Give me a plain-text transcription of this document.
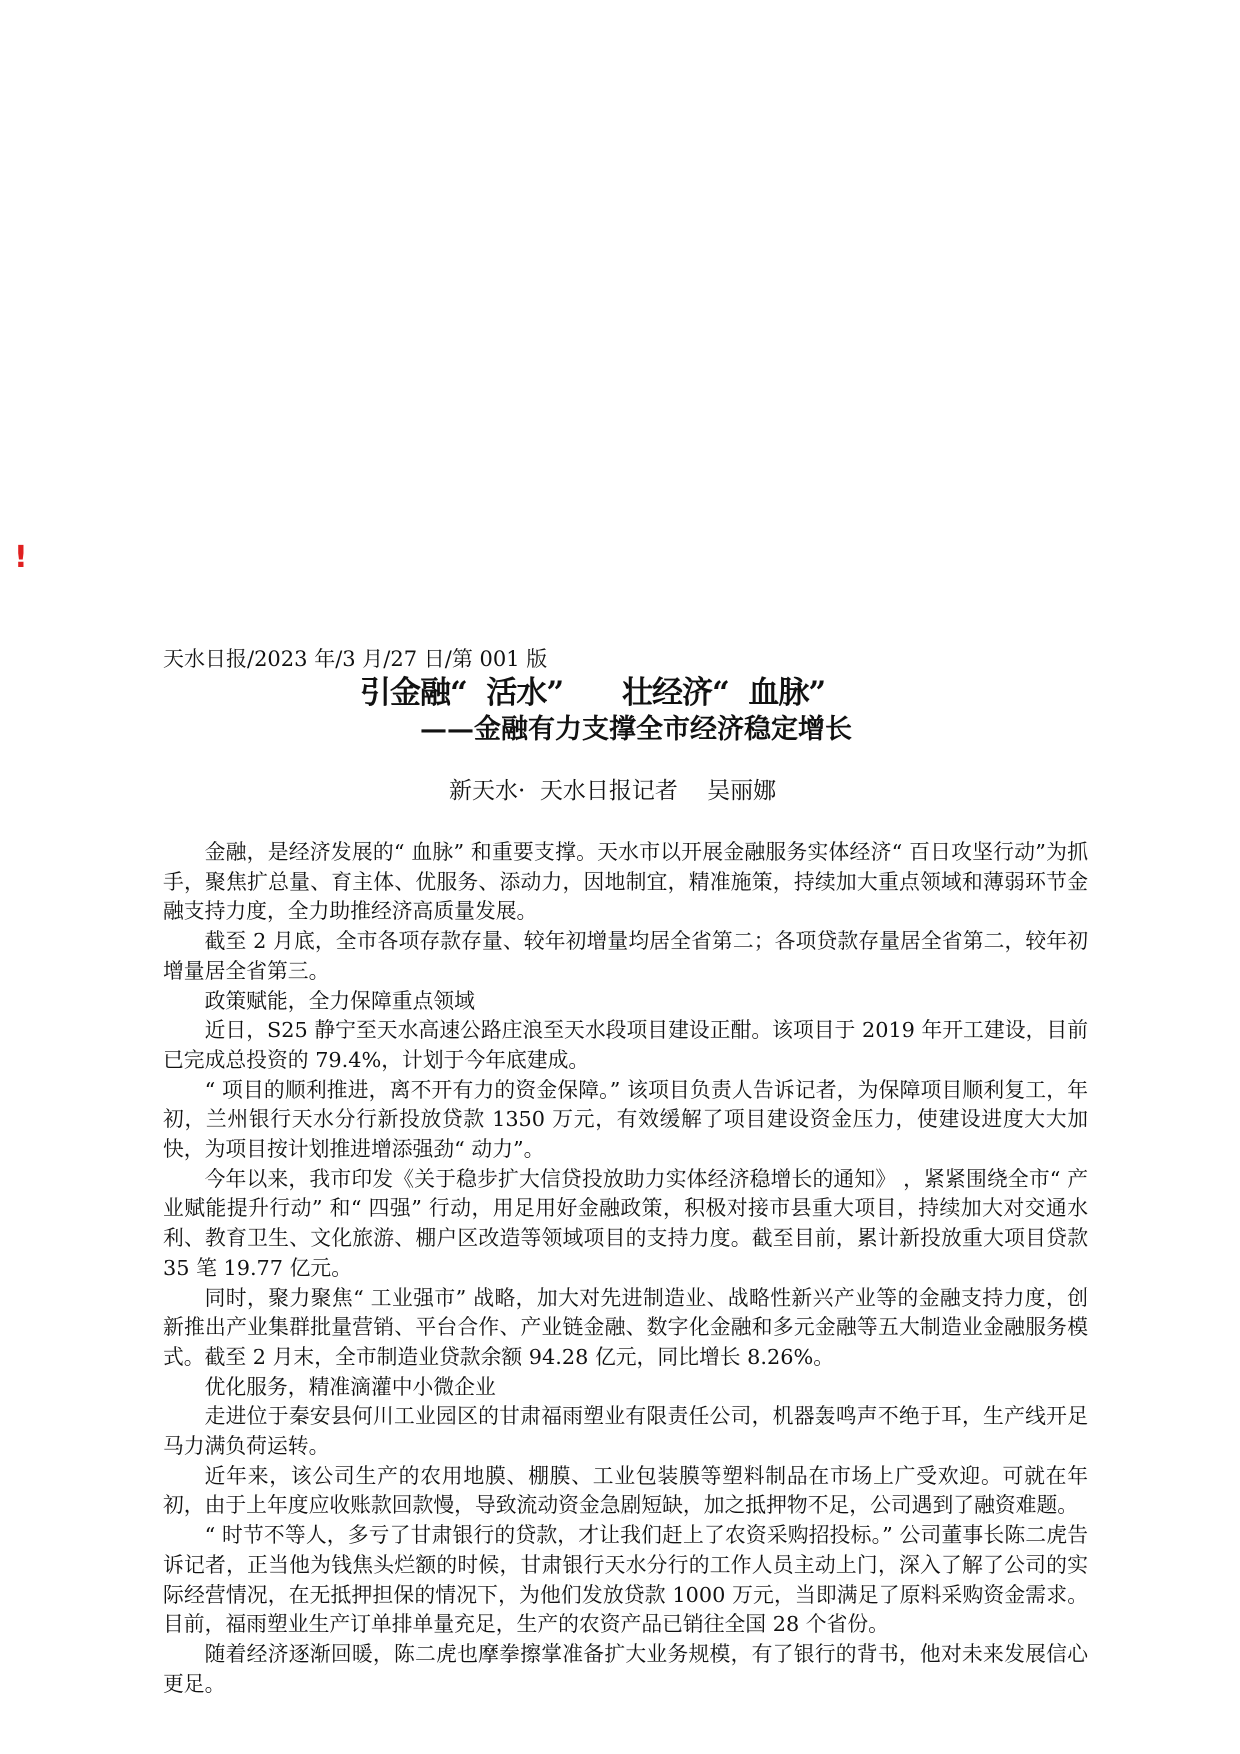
!
天水日报/2023 年/3 月/27 日/第 001 版
引金融“  活水”      壮经济“  血脉”
——金融有力支撑全市经济稳定增长
新天水·  天水日报记者    吴丽娜

金融，是经济发展的“ 血脉” 和重要支撑。天水市以开展金融服务实体经济“ 百日攻坚行动”为抓手，聚焦扩总量、育主体、优服务、添动力，因地制宜，精准施策，持续加大重点领域和薄弱环节金融支持力度，全力助推经济高质量发展。

截至 2 月底，全市各项存款存量、较年初增量均居全省第二；各项贷款存量居全省第二，较年初增量居全省第三。

政策赋能，全力保障重点领域

近日，S25 静宁至天水高速公路庄浪至天水段项目建设正酣。该项目于 2019 年开工建设，目前已完成总投资的 79.4%，计划于今年底建成。

“ 项目的顺利推进，离不开有力的资金保障。” 该项目负责人告诉记者，为保障项目顺利复工，年初，兰州银行天水分行新投放贷款 1350 万元，有效缓解了项目建设资金压力，使建设进度大大加快，为项目按计划推进增添强劲“ 动力”。

今年以来，我市印发《关于稳步扩大信贷投放助力实体经济稳增长的通知》 ，紧紧围绕全市“ 产业赋能提升行动” 和“ 四强” 行动，用足用好金融政策，积极对接市县重大项目，持续加大对交通水利、教育卫生、文化旅游、棚户区改造等领域项目的支持力度。截至目前，累计新投放重大项目贷款 35 笔 19.77 亿元。

同时，聚力聚焦“ 工业强市” 战略，加大对先进制造业、战略性新兴产业等的金融支持力度，创新推出产业集群批量营销、平台合作、产业链金融、数字化金融和多元金融等五大制造业金融服务模式。截至 2 月末，全市制造业贷款余额 94.28 亿元，同比增长 8.26%。

优化服务，精准滴灌中小微企业

走进位于秦安县何川工业园区的甘肃福雨塑业有限责任公司，机器轰鸣声不绝于耳，生产线开足马力满负荷运转。

近年来，该公司生产的农用地膜、棚膜、工业包装膜等塑料制品在市场上广受欢迎。可就在年初，由于上年度应收账款回款慢，导致流动资金急剧短缺，加之抵押物不足，公司遇到了融资难题。

“ 时节不等人，多亏了甘肃银行的贷款，才让我们赶上了农资采购招投标。” 公司董事长陈二虎告诉记者，正当他为钱焦头烂额的时候，甘肃银行天水分行的工作人员主动上门，深入了解了公司的实际经营情况，在无抵押担保的情况下，为他们发放贷款 1000 万元，当即满足了原料采购资金需求。目前，福雨塑业生产订单排单量充足，生产的农资产品已销往全国 28 个省份。

随着经济逐渐回暖，陈二虎也摩拳擦掌准备扩大业务规模，有了银行的背书，他对未来发展信心更足。
